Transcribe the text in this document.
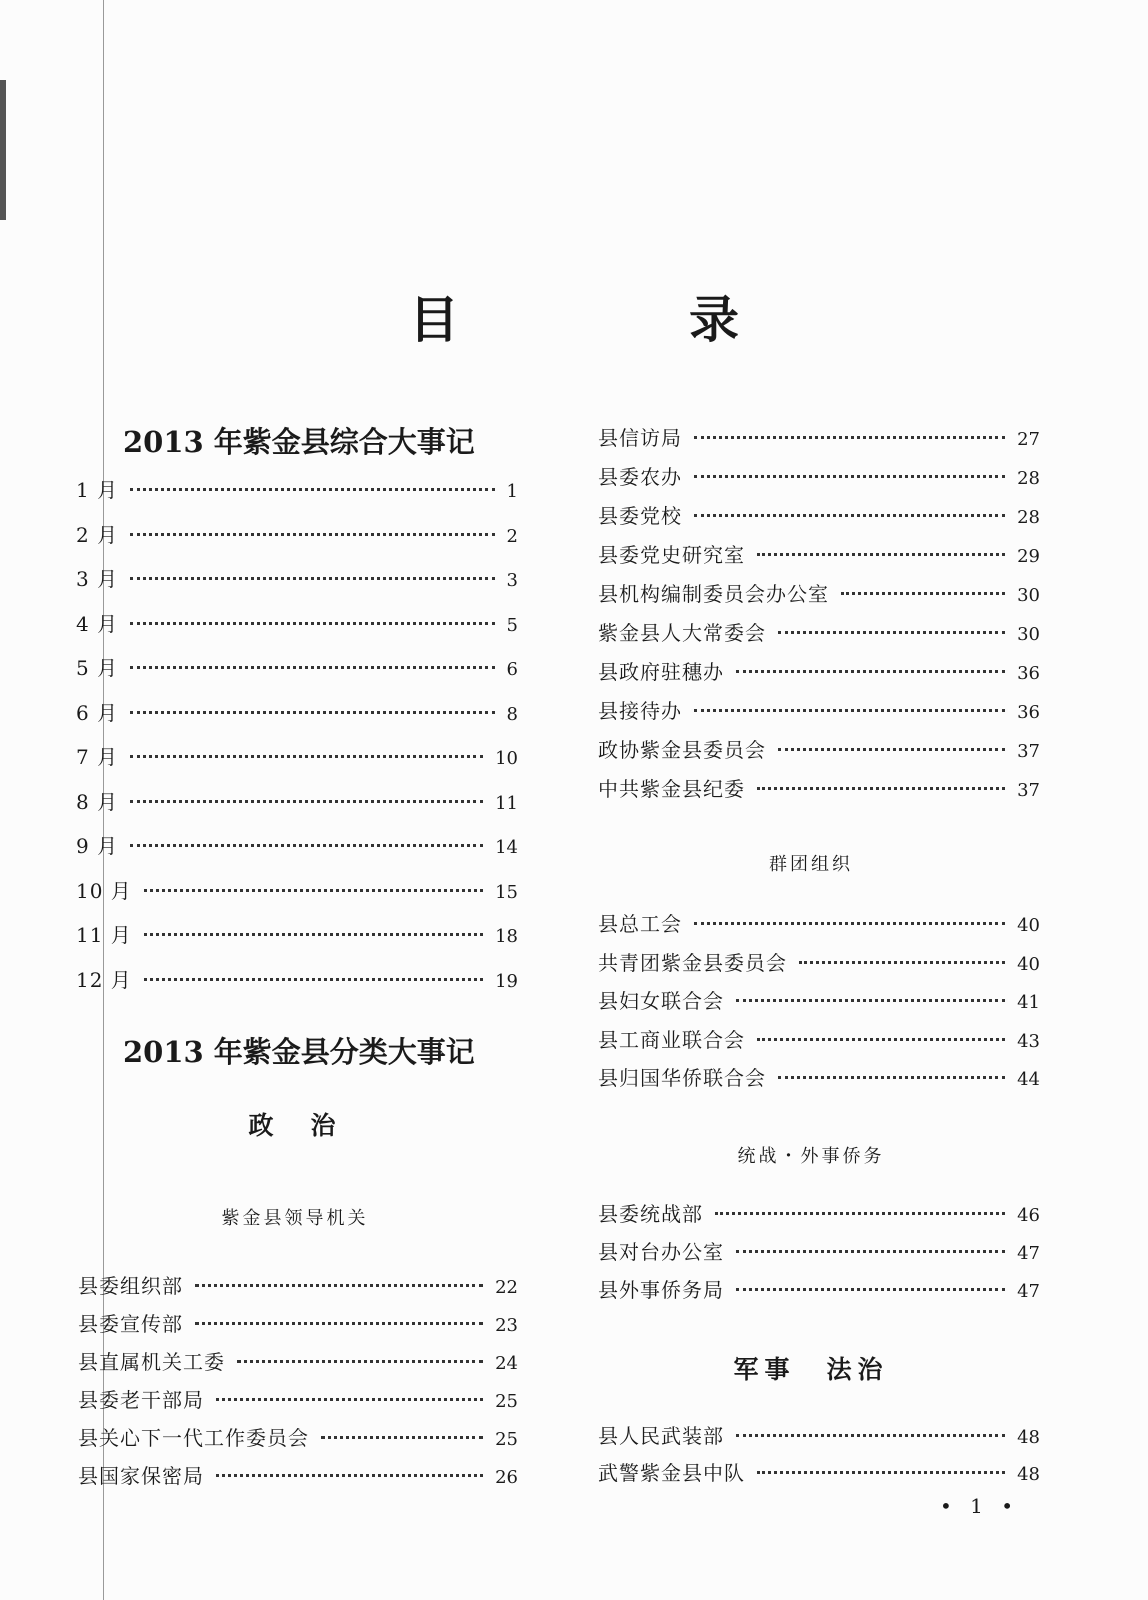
目　录
2013 年紫金县综合大事记
1 月	1
2 月	2
3 月	3
4 月	5
5 月	6
6 月	8
7 月	10
8 月	11
9 月	14
10 月	15
11 月	18
12 月	19
2013 年紫金县分类大事记
政　治
紫金县领导机关
县委组织部	22
县委宣传部	23
县直属机关工委	24
县委老干部局	25
县关心下一代工作委员会	25
县国家保密局	26
县信访局	27
县委农办	28
县委党校	28
县委党史研究室	29
县机构编制委员会办公室	30
紫金县人大常委会	30
县政府驻穗办	36
县接待办	36
政协紫金县委员会	37
中共紫金县纪委	37
群团组织
县总工会	40
共青团紫金县委员会	40
县妇女联合会	41
县工商业联合会	43
县归国华侨联合会	44
统战・外事侨务
县委统战部	46
县对台办公室	47
县外事侨务局	47
军事　法治
县人民武装部	48
武警紫金县中队	48
• 1 •
